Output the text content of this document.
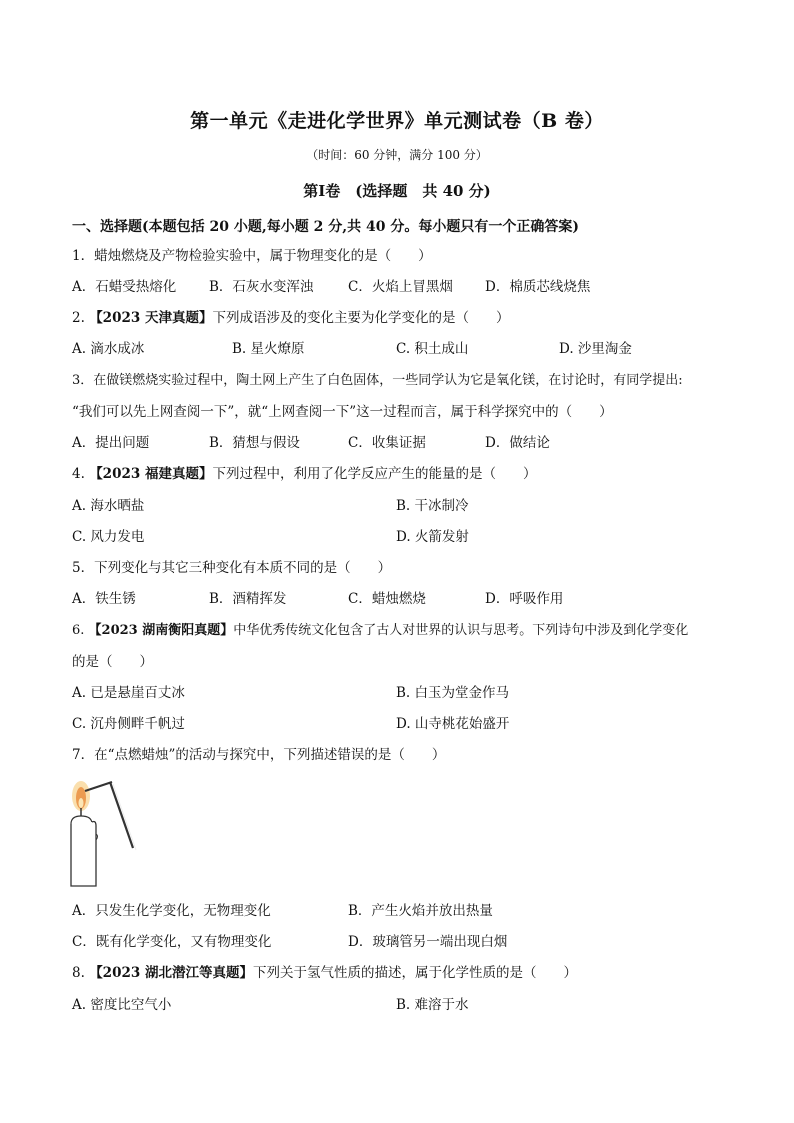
第一单元《走进化学世界》单元测试卷（B 卷）
（时间：60 分钟，满分 100 分）
第Ⅰ卷　(选择题　共 40 分)
一、选择题(本题包括 20 小题,每小题 2 分,共 40 分。每小题只有一个正确答案)
1．蜡烛燃烧及产物检验实验中，属于物理变化的是（　　）
A．石蜡受热熔化 B．石灰水变浑浊	C．火焰上冒黑烟 D．棉质芯线烧焦
2. 【2023 天津真题】下列成语涉及的变化主要为化学变化的是（　　）
A. 滴水成冰	B. 星火燎原	C. 积土成山	D. 沙里淘金
3．在做镁燃烧实验过程中，陶土网上产生了白色固体，一些同学认为它是氧化镁，在讨论时，有同学提出:
“我们可以先上网查阅一下”，就“上网查阅一下”这一过程而言，属于科学探究中的（　　）
A．提出问题	B．猜想与假设	C．收集证据	D．做结论
4. 【2023 福建真题】下列过程中，利用了化学反应产生的能量的是（　　）
A. 海水晒盐	B. 干冰制冷
C. 风力发电	D. 火箭发射
5．下列变化与其它三种变化有本质不同的是（　　）
A．铁生锈	B．酒精挥发	C．蜡烛燃烧	D．呼吸作用
6. 【2023 湖南衡阳真题】中华优秀传统文化包含了古人对世界的认识与思考。下列诗句中涉及到化学变化
的是（　　）
A. 已是悬崖百丈冰	B. 白玉为堂金作马
C. 沉舟侧畔千帆过	D. 山寺桃花始盛开
7．在“点燃蜡烛”的活动与探究中，下列描述错误的是（　　）
A．只发生化学变化，无物理变化	B．产生火焰并放出热量
C．既有化学变化，又有物理变化	D．玻璃管另一端出现白烟
8. 【2023 湖北潜江等真题】下列关于氢气性质的描述，属于化学性质的是（　　）
A. 密度比空气小	B. 难溶于水
